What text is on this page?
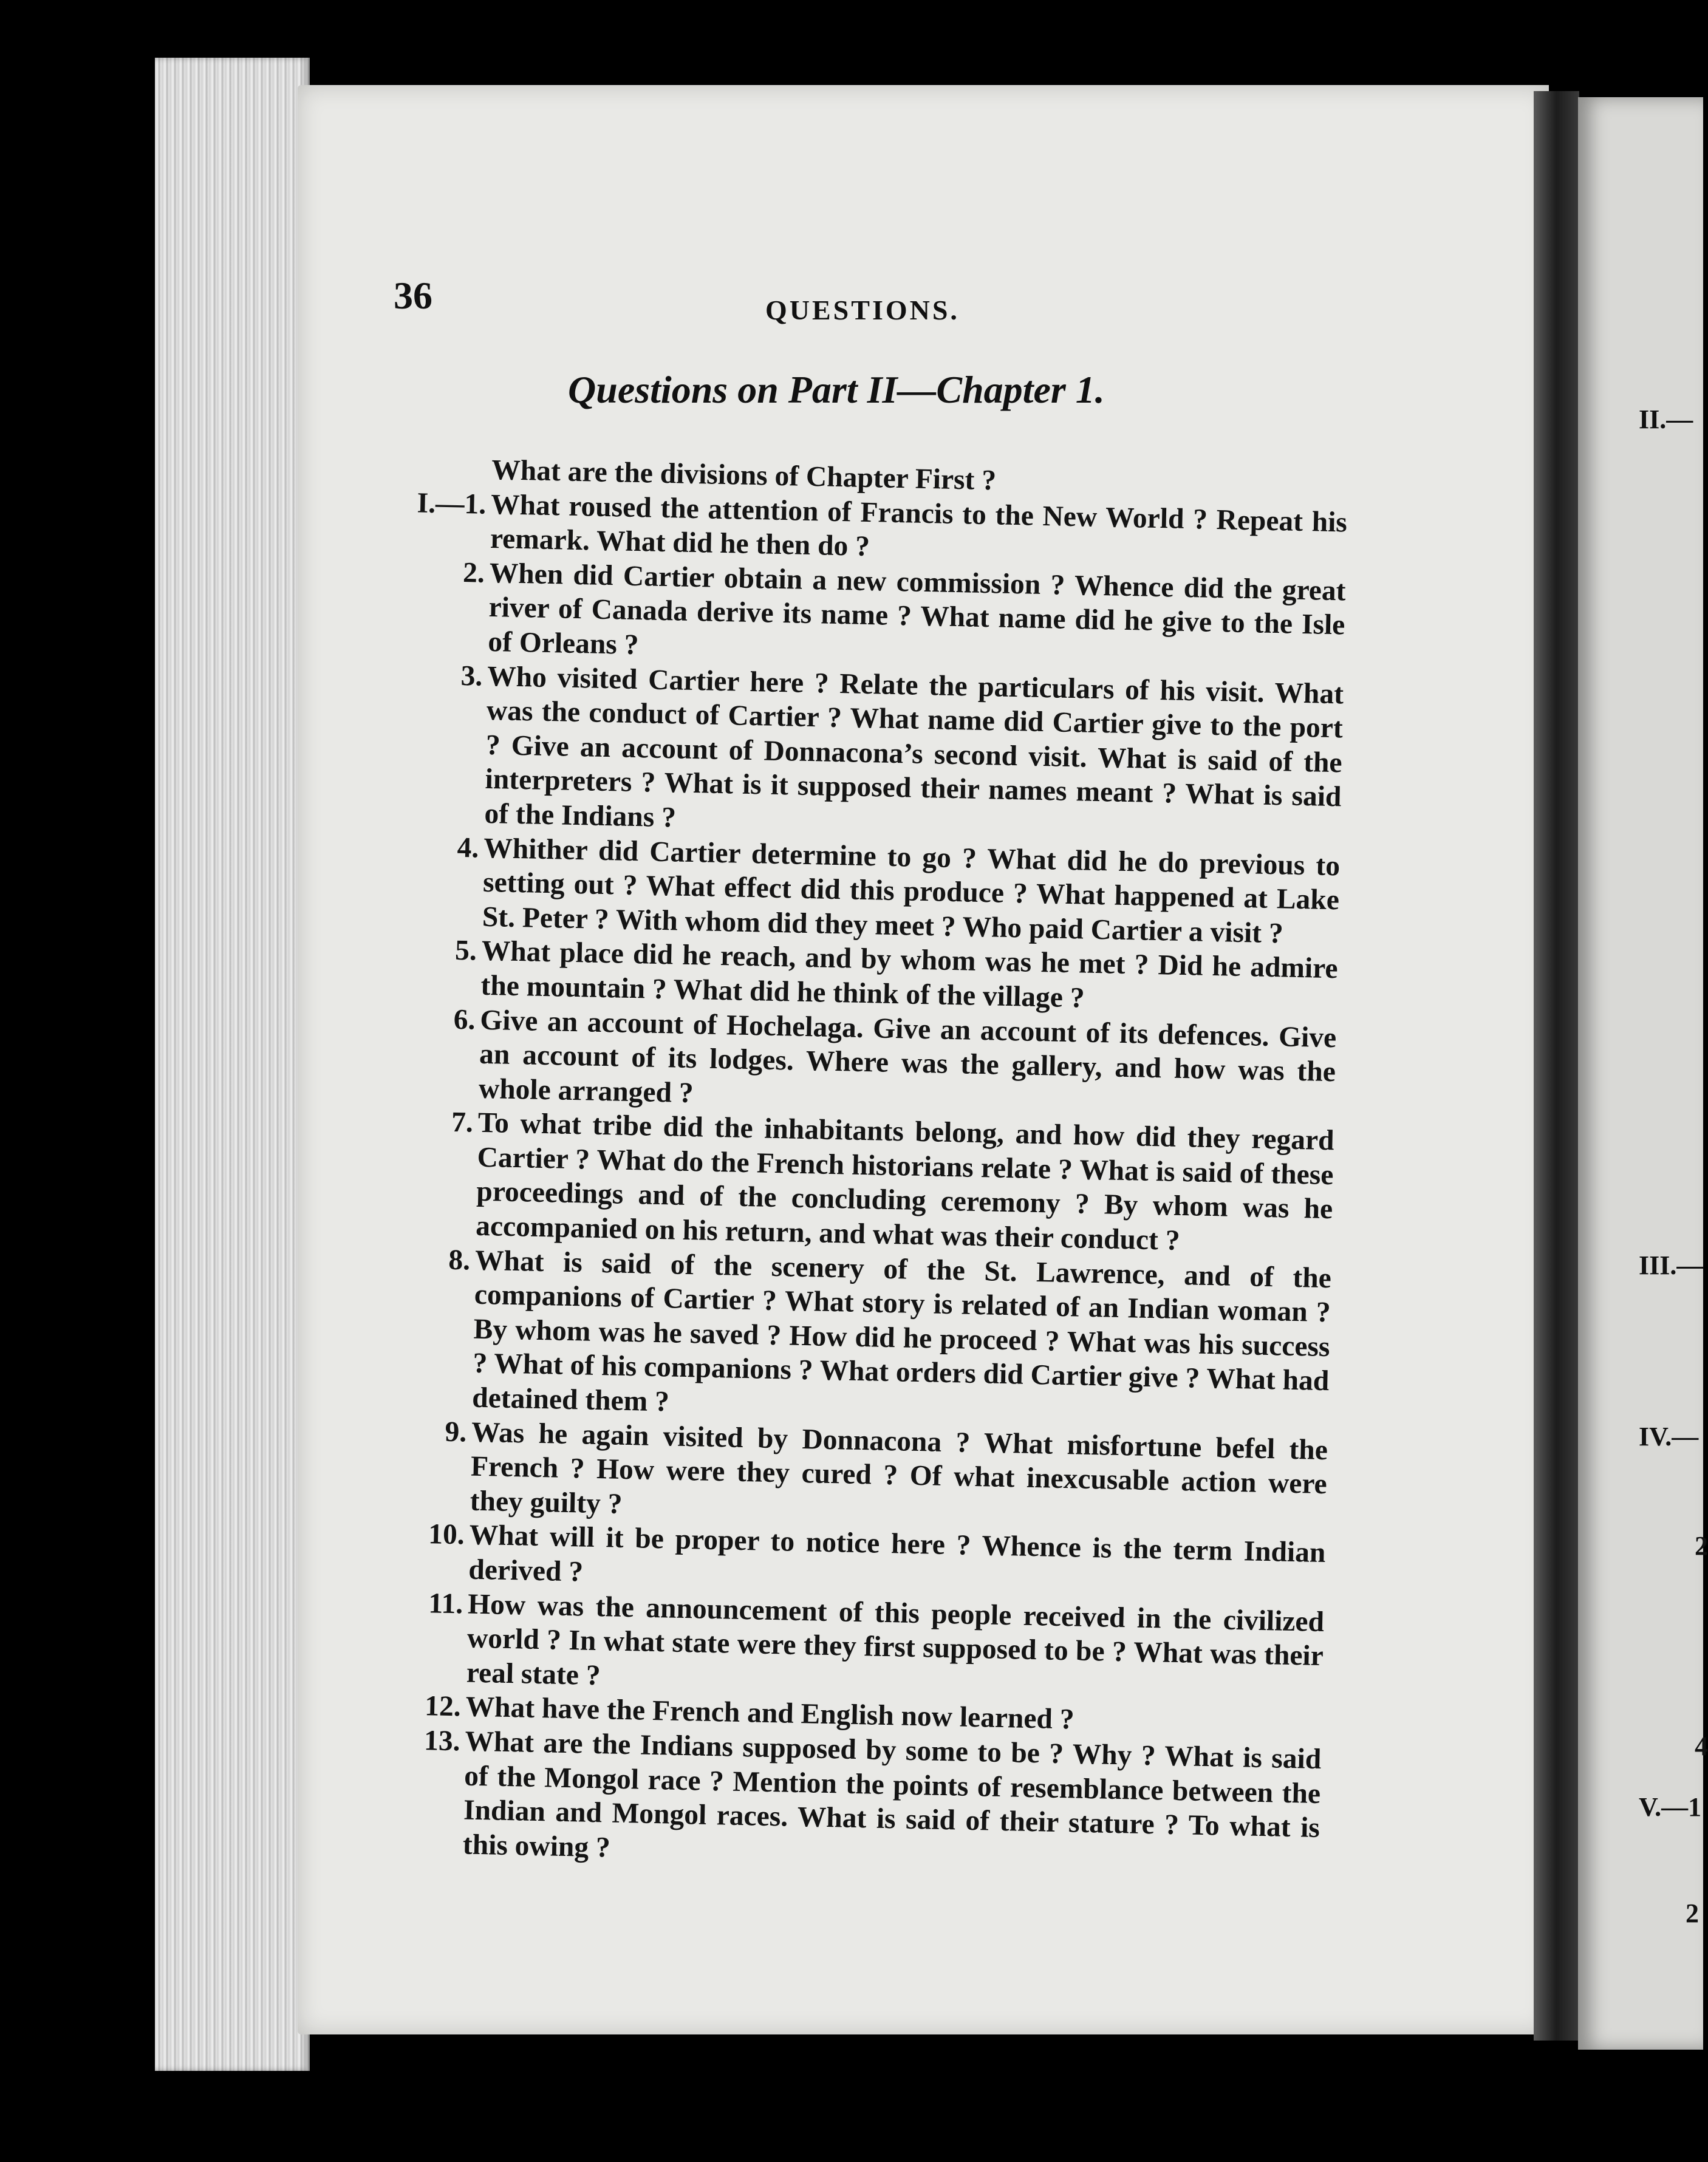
II.—
III.—
IV.—
2
4
V.—1
2
36	QUESTIONS.
Questions on Part II—Chapter 1.
What are the divisions of Chapter First ?
I.—1. What roused the attention of Francis to the New World ? Repeat his remark. What did he then do ?
2. When did Cartier obtain a new commission ? Whence did the great river of Canada derive its name ? What name did he give to the Isle of Orleans ?
3. Who visited Cartier here ? Relate the particulars of his visit. What was the conduct of Cartier ? What name did Cartier give to the port ? Give an account of Donnacona’s second visit. What is said of the interpreters ? What is it supposed their names meant ? What is said of the Indians ?
4. Whither did Cartier determine to go ? What did he do previous to setting out ? What effect did this produce ? What happened at Lake St. Peter ? With whom did they meet ? Who paid Cartier a visit ?
5. What place did he reach, and by whom was he met ? Did he admire the mountain ? What did he think of the village ?
6. Give an account of Hochelaga. Give an account of its defences. Give an account of its lodges. Where was the gallery, and how was the whole arranged ?
7. To what tribe did the inhabitants belong, and how did they regard Cartier ? What do the French historians relate ? What is said of these proceedings and of the concluding ceremony ? By whom was he accompanied on his return, and what was their conduct ?
8. What is said of the scenery of the St. Lawrence, and of the companions of Cartier ? What story is related of an Indian woman ? By whom was he saved ? How did he proceed ? What was his success ? What of his companions ? What orders did Cartier give ? What had detained them ?
9. Was he again visited by Donnacona ? What misfortune befel the French ? How were they cured ? Of what inexcusable action were they guilty ?
10. What will it be proper to notice here ? Whence is the term Indian derived ?
11. How was the announcement of this people received in the civilized world ? In what state were they first supposed to be ? What was their real state ?
12. What have the French and English now learned ?
13. What are the Indians supposed by some to be ? Why ? What is said of the Mongol race ? Mention the points of resemblance between the Indian and Mongol races. What is said of their stature ? To what is this owing ?
